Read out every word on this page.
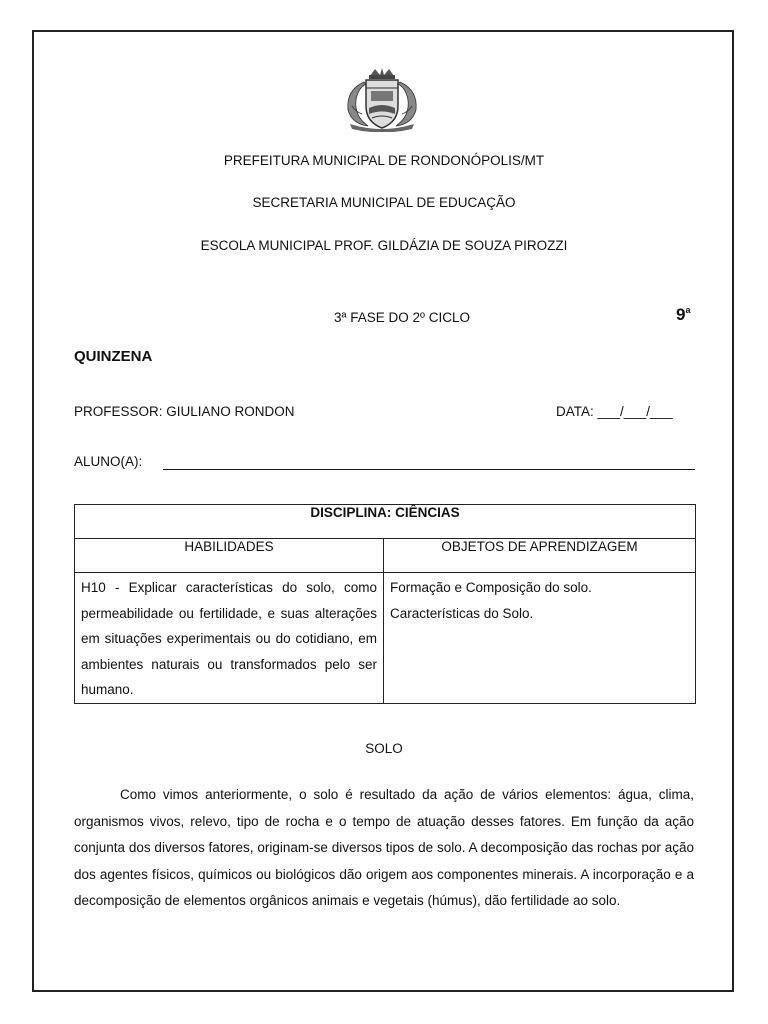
PREFEITURA MUNICIPAL DE RONDONÓPOLIS/MT
SECRETARIA MUNICIPAL DE EDUCAÇÃO
ESCOLA MUNICIPAL PROF. GILDÁZIA DE SOUZA PIROZZI
3ª FASE DO 2º CICLO	9$^a$
QUINZENA
PROFESSOR: GIULIANO RONDON	DATA: ___/___/___
ALUNO(A):
DISCIPLINA: CIÊNCIAS	
HABILIDADES	OBJETOS DE APRENDIZAGEM
H10 - Explicar características do solo, como permeabilidade ou fertilidade, e suas alterações em situações experimentais ou do cotidiano, em ambientes naturais ou transformados pelo ser humano.	Formação e Composição do solo.
Características do Solo.
SOLO

Como vimos anteriormente, o solo é resultado da ação de vários elementos: água, clima, organismos vivos, relevo, tipo de rocha e o tempo de atuação desses fatores. Em função da ação conjunta dos diversos fatores, originam-se diversos tipos de solo. A decomposição das rochas por ação dos agentes físicos, químicos ou biológicos dão origem aos componentes minerais. A incorporação e a decomposição de elementos orgânicos animais e vegetais (húmus), dão fertilidade ao solo.
